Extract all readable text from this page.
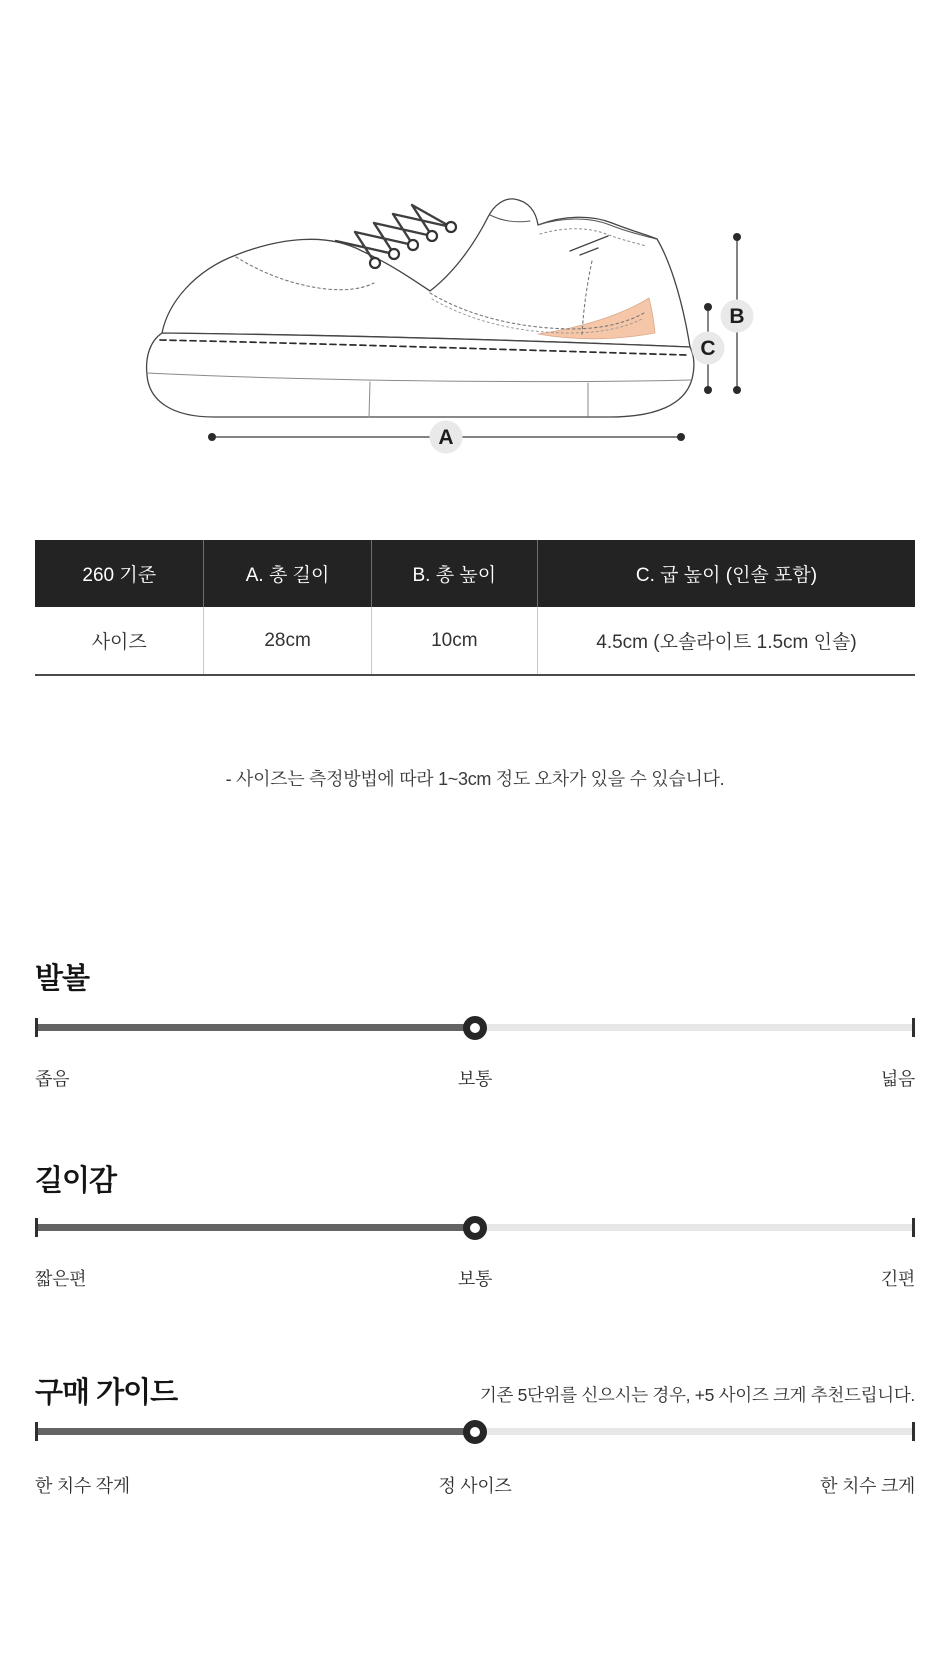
A
B
C
260 기준	A. 총 길이	B. 총 높이	C. 굽 높이 (인솔 포함)
사이즈	28cm	10cm	4.5cm (오솔라이트 1.5cm 인솔)
- 사이즈는 측정방법에 따라 1~3cm 정도 오차가 있을 수 있습니다.
발볼
좁음	보통	넓음
길이감
짧은편	보통	긴편
구매 가이드	기존 5단위를 신으시는 경우, +5 사이즈 크게 추천드립니다.
한 치수 작게	정 사이즈	한 치수 크게
